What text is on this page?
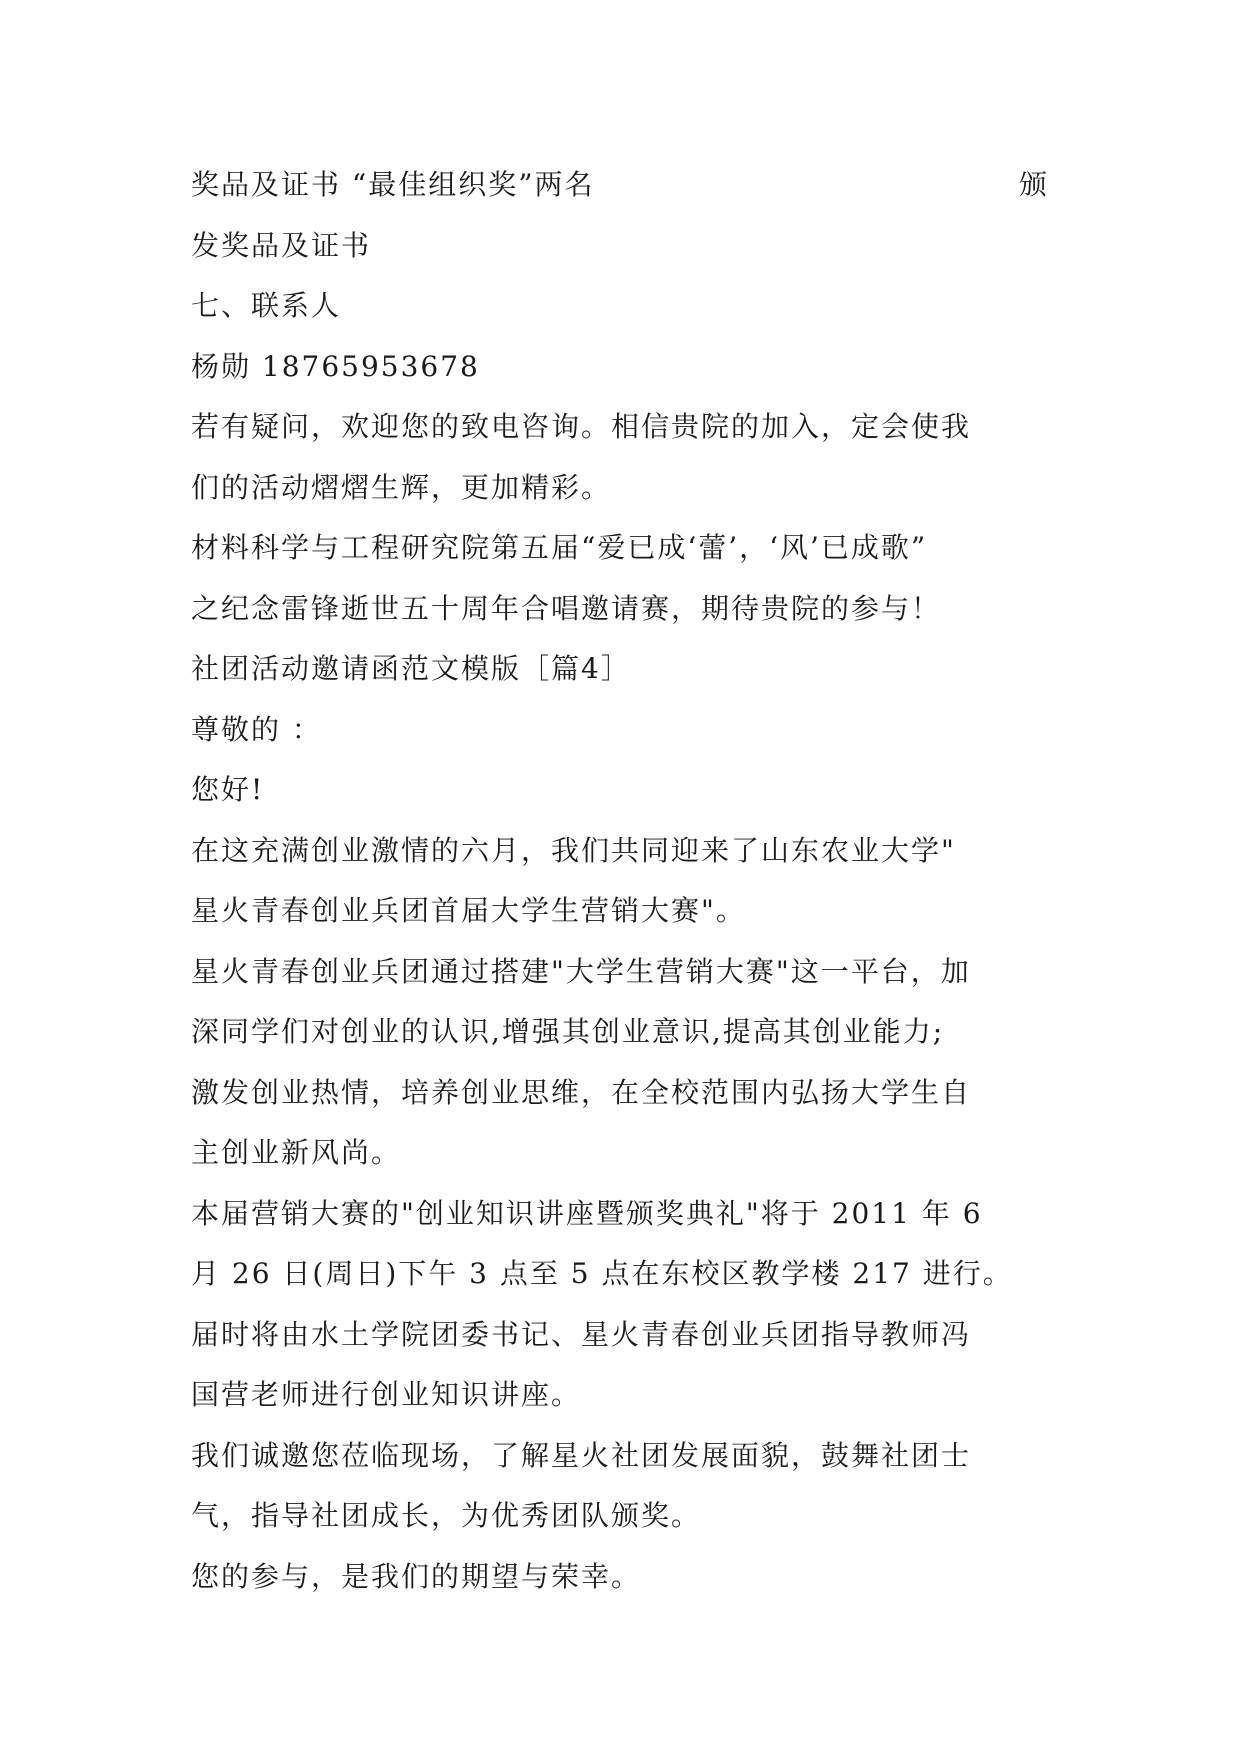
奖品及证书 “最佳组织奖”两名	颁
发奖品及证书
七、联系人
杨勋 18765953678
若有疑问，欢迎您的致电咨询。相信贵院的加入，定会使我
们的活动熠熠生辉，更加精彩。
材料科学与工程研究院第五届“爱已成‘蕾’，‘风’已成歌”
之纪念雷锋逝世五十周年合唱邀请赛，期待贵院的参与！
社团活动邀请函范文模版［篇4］
尊敬的 ：
您好!
在这充满创业激情的六月，我们共同迎来了山东农业大学"
星火青春创业兵团首届大学生营销大赛"。
星火青春创业兵团通过搭建"大学生营销大赛"这一平台，加
深同学们对创业的认识,增强其创业意识,提高其创业能力;
激发创业热情，培养创业思维，在全校范围内弘扬大学生自
主创业新风尚。
本届营销大赛的"创业知识讲座暨颁奖典礼"将于 2011 年 6
月 26 日(周日)下午 3 点至 5 点在东校区教学楼 217 进行。
届时将由水土学院团委书记、星火青春创业兵团指导教师冯
国营老师进行创业知识讲座。
我们诚邀您莅临现场，了解星火社团发展面貌，鼓舞社团士
气，指导社团成长，为优秀团队颁奖。
您的参与，是我们的期望与荣幸。
